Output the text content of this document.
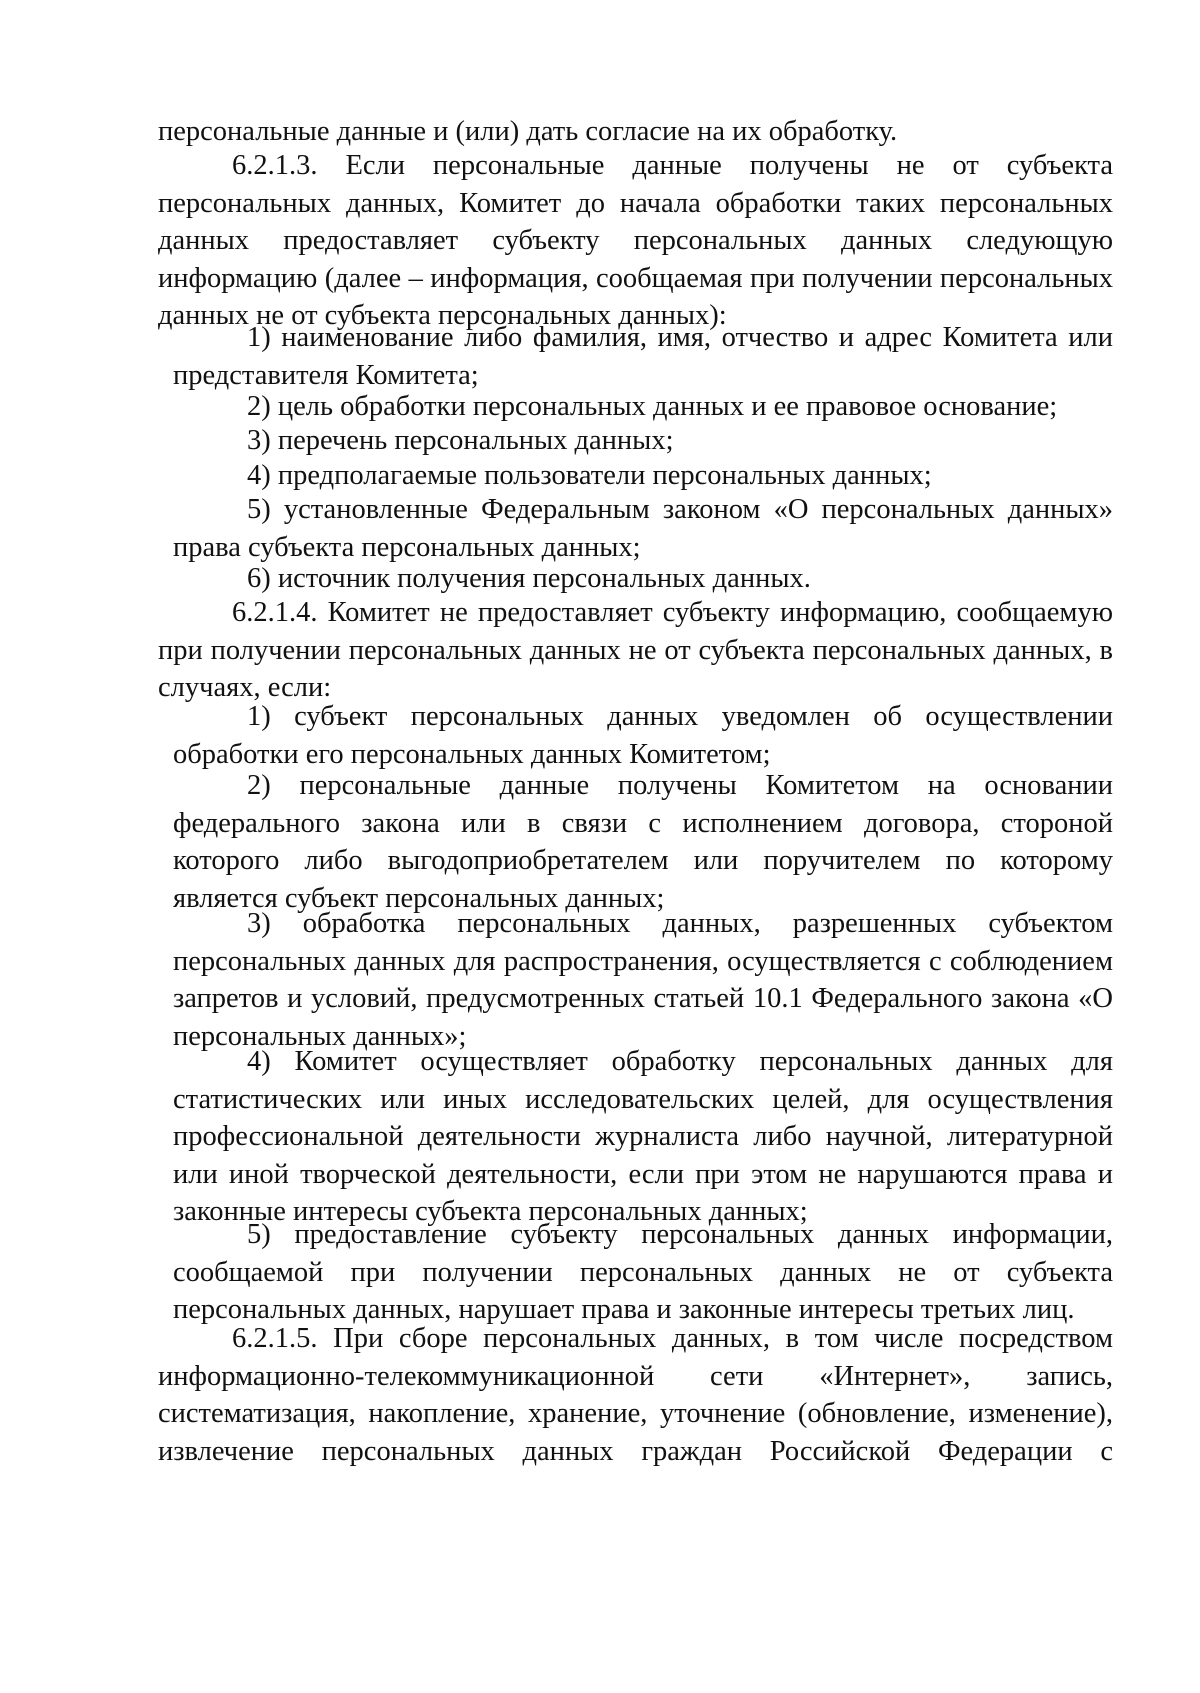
персональные данные и (или) дать согласие на их обработку.
6.2.1.3. Если персональные данные получены не от субъекта персональных данных, Комитет до начала обработки таких персональных данных предоставляет субъекту персональных данных следующую информацию (далее – информация, сообщаемая при получении персональных данных не от субъекта персональных данных):
1) наименование либо фамилия, имя, отчество и адрес Комитета или представителя Комитета;
2) цель обработки персональных данных и ее правовое основание;
3) перечень персональных данных;
4) предполагаемые пользователи персональных данных;
5) установленные Федеральным законом «О персональных данных» права субъекта персональных данных;
6) источник получения персональных данных.
6.2.1.4. Комитет не предоставляет субъекту информацию, сообщаемую при получении персональных данных не от субъекта персональных данных, в случаях, если:
1) субъект персональных данных уведомлен об осуществлении обработки его персональных данных Комитетом;
2) персональные данные получены Комитетом на основании федерального закона или в связи с исполнением договора, стороной которого либо выгодоприобретателем или поручителем по которому является субъект персональных данных;
3) обработка персональных данных, разрешенных субъектом персональных данных для распространения, осуществляется с соблюдением запретов и условий, предусмотренных статьей 10.1 Федерального закона «О персональных данных»;
4) Комитет осуществляет обработку персональных данных для статистических или иных исследовательских целей, для осуществления профессиональной деятельности журналиста либо научной, литературной или иной творческой деятельности, если при этом не нарушаются права и законные интересы субъекта персональных данных;
5) предоставление субъекту персональных данных информации, сообщаемой при получении персональных данных не от субъекта персональных данных, нарушает права и законные интересы третьих лиц.
6.2.1.5. При сборе персональных данных, в том числе посредством информационно-телекоммуникационной сети «Интернет», запись, систематизация, накопление, хранение, уточнение (обновление, изменение), извлечение персональных данных граждан Российской Федерации с
